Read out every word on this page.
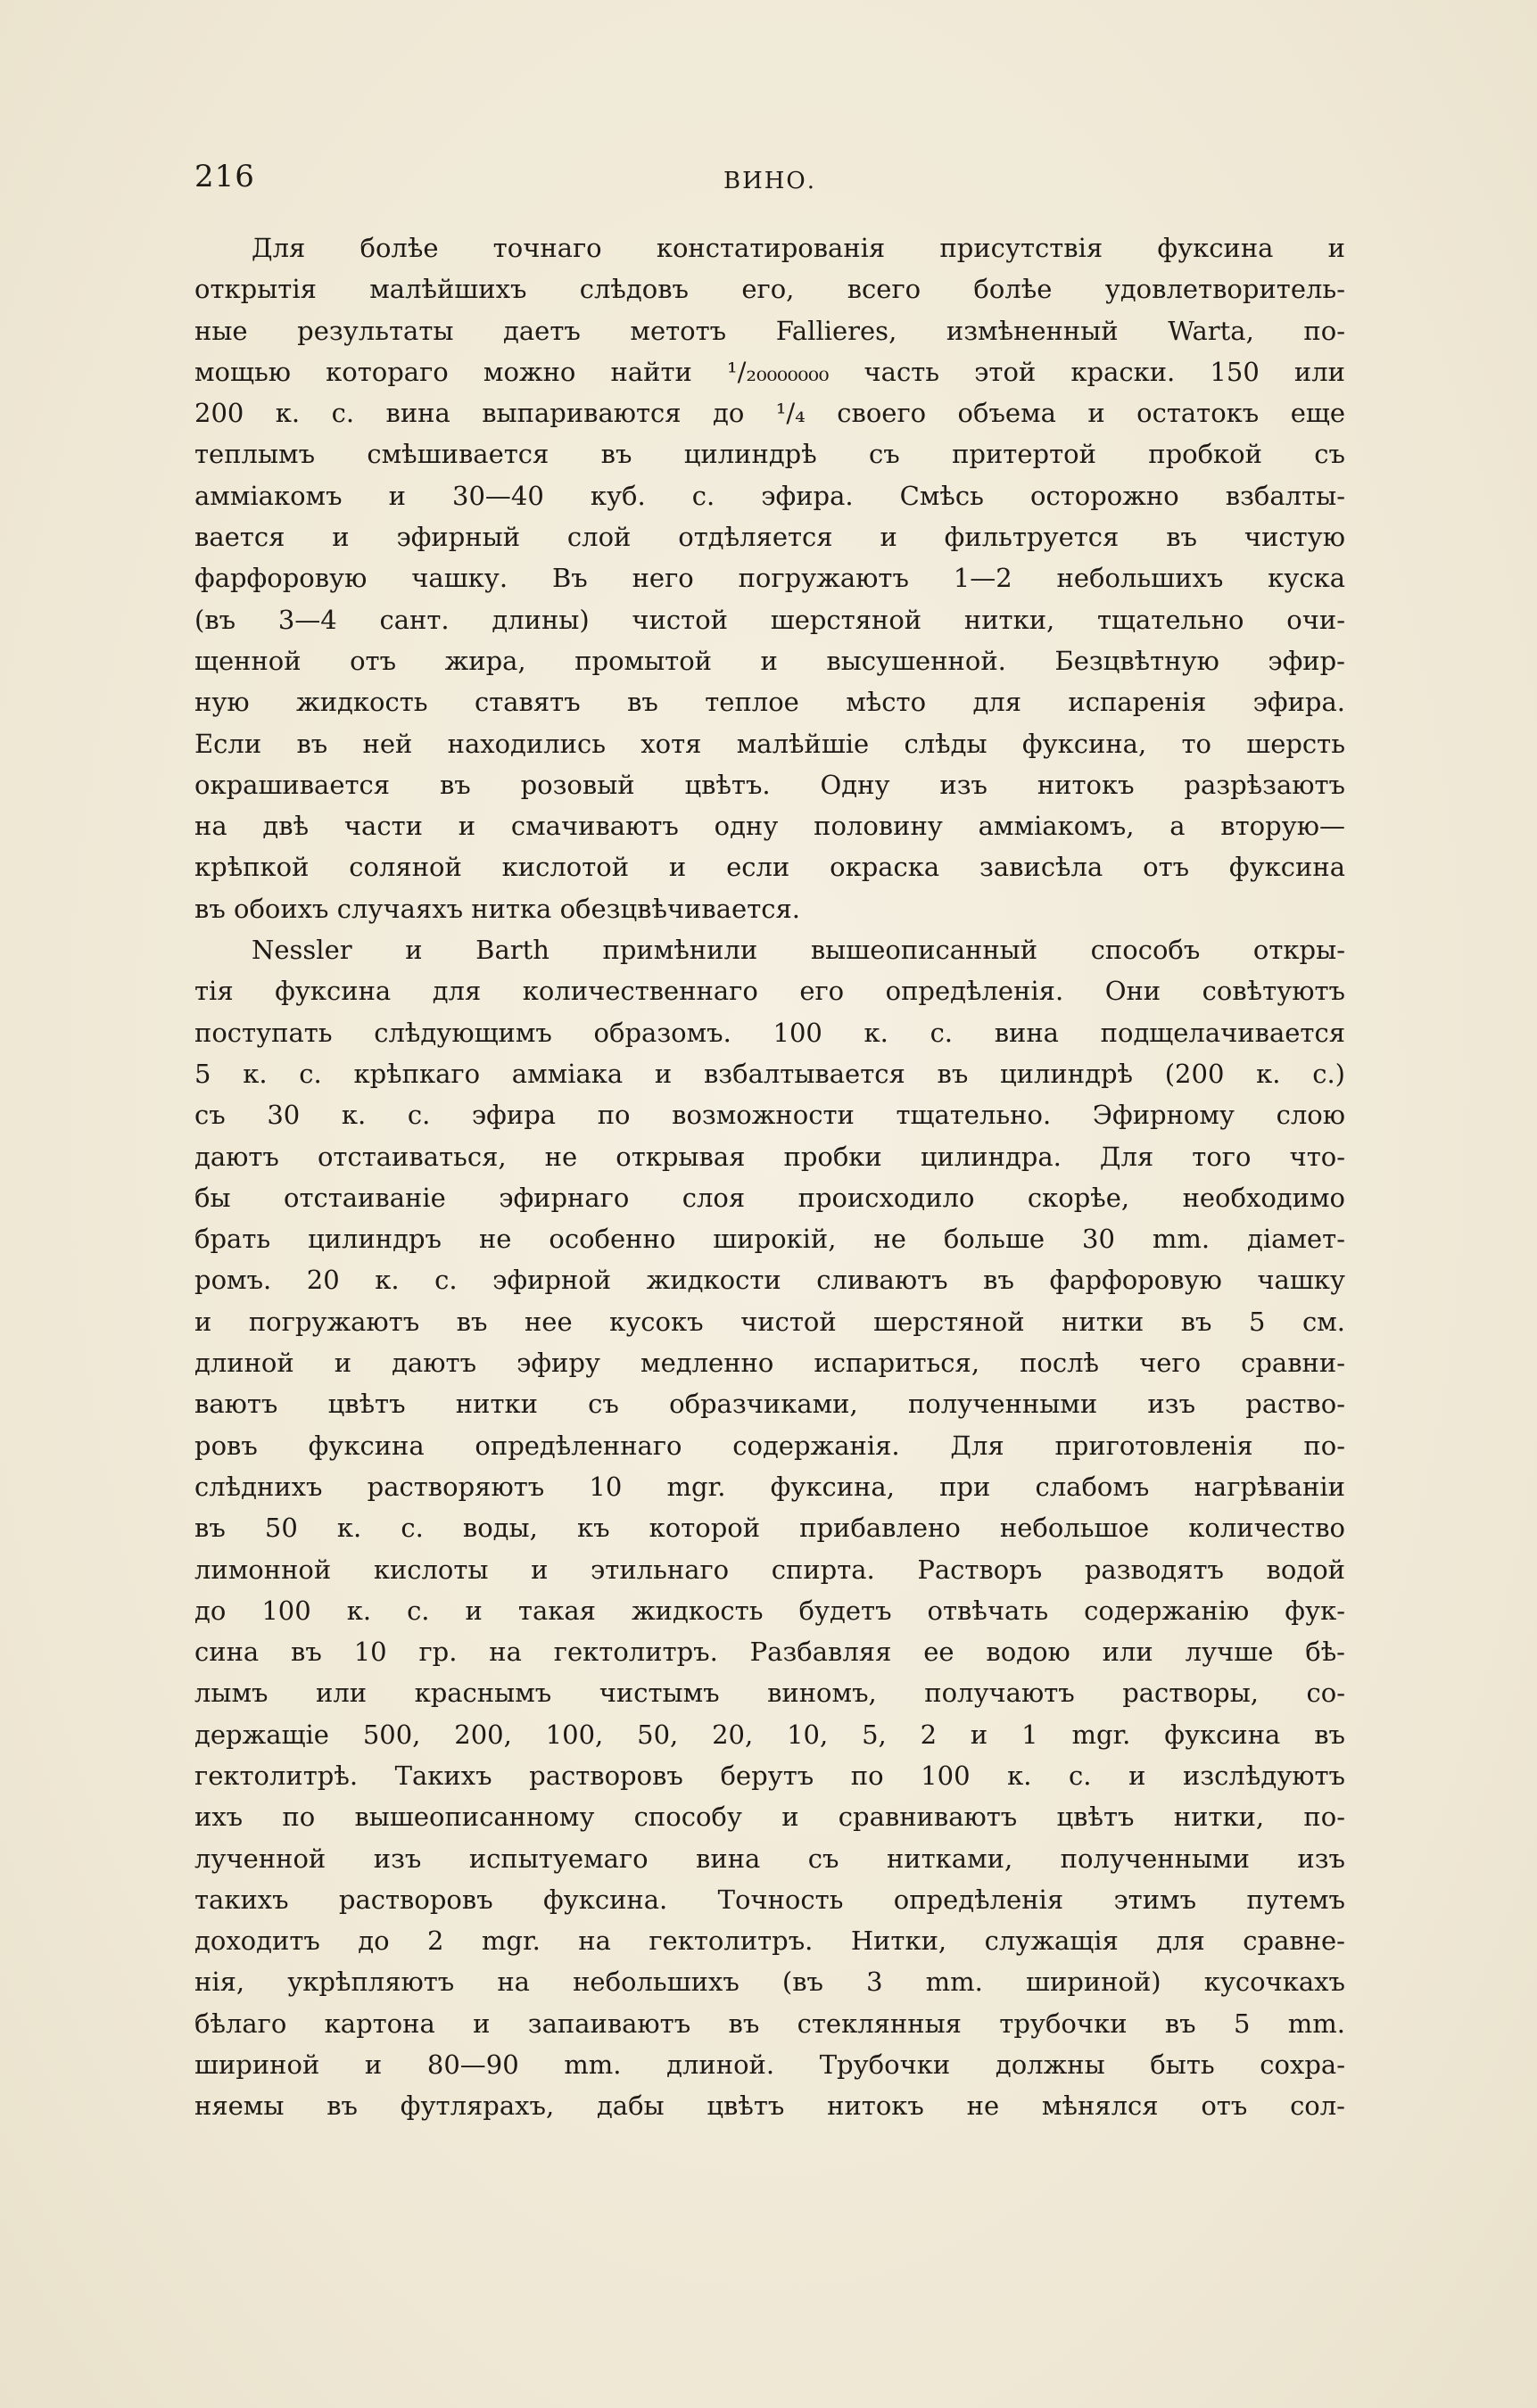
216	ВИНО.
Для болѣе точнаго констатированія присутствія фуксина и
открытія малѣйшихъ слѣдовъ его, всего болѣе удовлетворитель-
ные результаты даетъ метотъ Fallieres, измѣненный Warta, по-
мощью котораго можно найти ¹/₂₀₀₀₀₀₀₀ часть этой краски. 150 или
200 к. с. вина выпариваются до ¹/₄ своего объема и остатокъ еще
теплымъ смѣшивается въ цилиндрѣ съ притертой пробкой съ
амміакомъ и 30—40 куб. с. эфира. Смѣсь осторожно взбалты-
вается и эфирный слой отдѣляется и фильтруется въ чистую
фарфоровую чашку. Въ него погружаютъ 1—2 небольшихъ куска
(въ 3—4 сант. длины) чистой шерстяной нитки, тщательно очи-
щенной отъ жира, промытой и высушенной. Безцвѣтную эфир-
ную жидкость ставятъ въ теплое мѣсто для испаренія эфира.
Если въ ней находились хотя малѣйшіе слѣды фуксина, то шерсть
окрашивается въ розовый цвѣтъ. Одну изъ нитокъ разрѣзаютъ
на двѣ части и смачиваютъ одну половину амміакомъ, а вторую—
крѣпкой соляной кислотой и если окраска зависѣла отъ фуксина
въ обоихъ случаяхъ нитка обезцвѣчивается.
Nessler и Barth примѣнили вышеописанный способъ откры-
тія фуксина для количественнаго его опредѣленія. Они совѣтуютъ
поступать слѣдующимъ образомъ. 100 к. с. вина подщелачивается
5 к. с. крѣпкаго амміака и взбалтывается въ цилиндрѣ (200 к. с.)
съ 30 к. с. эфира по возможности тщательно. Эфирному слою
даютъ отстаиваться, не открывая пробки цилиндра. Для того что-
бы отстаиваніе эфирнаго слоя происходило скорѣе, необходимо
брать цилиндръ не особенно широкій, не больше 30 mm. діамет-
ромъ. 20 к. с. эфирной жидкости сливаютъ въ фарфоровую чашку
и погружаютъ въ нее кусокъ чистой шерстяной нитки въ 5 см.
длиной и даютъ эфиру медленно испариться, послѣ чего сравни-
ваютъ цвѣтъ нитки съ образчиками, полученными изъ раство-
ровъ фуксина опредѣленнаго содержанія. Для приготовленія по-
слѣднихъ растворяютъ 10 mgr. фуксина, при слабомъ нагрѣваніи
въ 50 к. с. воды, къ которой прибавлено небольшое количество
лимонной кислоты и этильнаго спирта. Растворъ разводятъ водой
до 100 к. с. и такая жидкость будетъ отвѣчать содержанію фук-
сина въ 10 гр. на гектолитръ. Разбавляя ее водою или лучше бѣ-
лымъ или краснымъ чистымъ виномъ, получаютъ растворы, со-
держащіе 500, 200, 100, 50, 20, 10, 5, 2 и 1 mgr. фуксина въ
гектолитрѣ. Такихъ растворовъ берутъ по 100 к. с. и изслѣдуютъ
ихъ по вышеописанному способу и сравниваютъ цвѣтъ нитки, по-
лученной изъ испытуемаго вина съ нитками, полученными изъ
такихъ растворовъ фуксина. Точность опредѣленія этимъ путемъ
доходитъ до 2 mgr. на гектолитръ. Нитки, служащія для сравне-
нія, укрѣпляютъ на небольшихъ (въ 3 mm. шириной) кусочкахъ
бѣлаго картона и запаиваютъ въ стеклянныя трубочки въ 5 mm.
шириной и 80—90 mm. длиной. Трубочки должны быть сохра-
няемы въ футлярахъ, дабы цвѣтъ нитокъ не мѣнялся отъ сол-
